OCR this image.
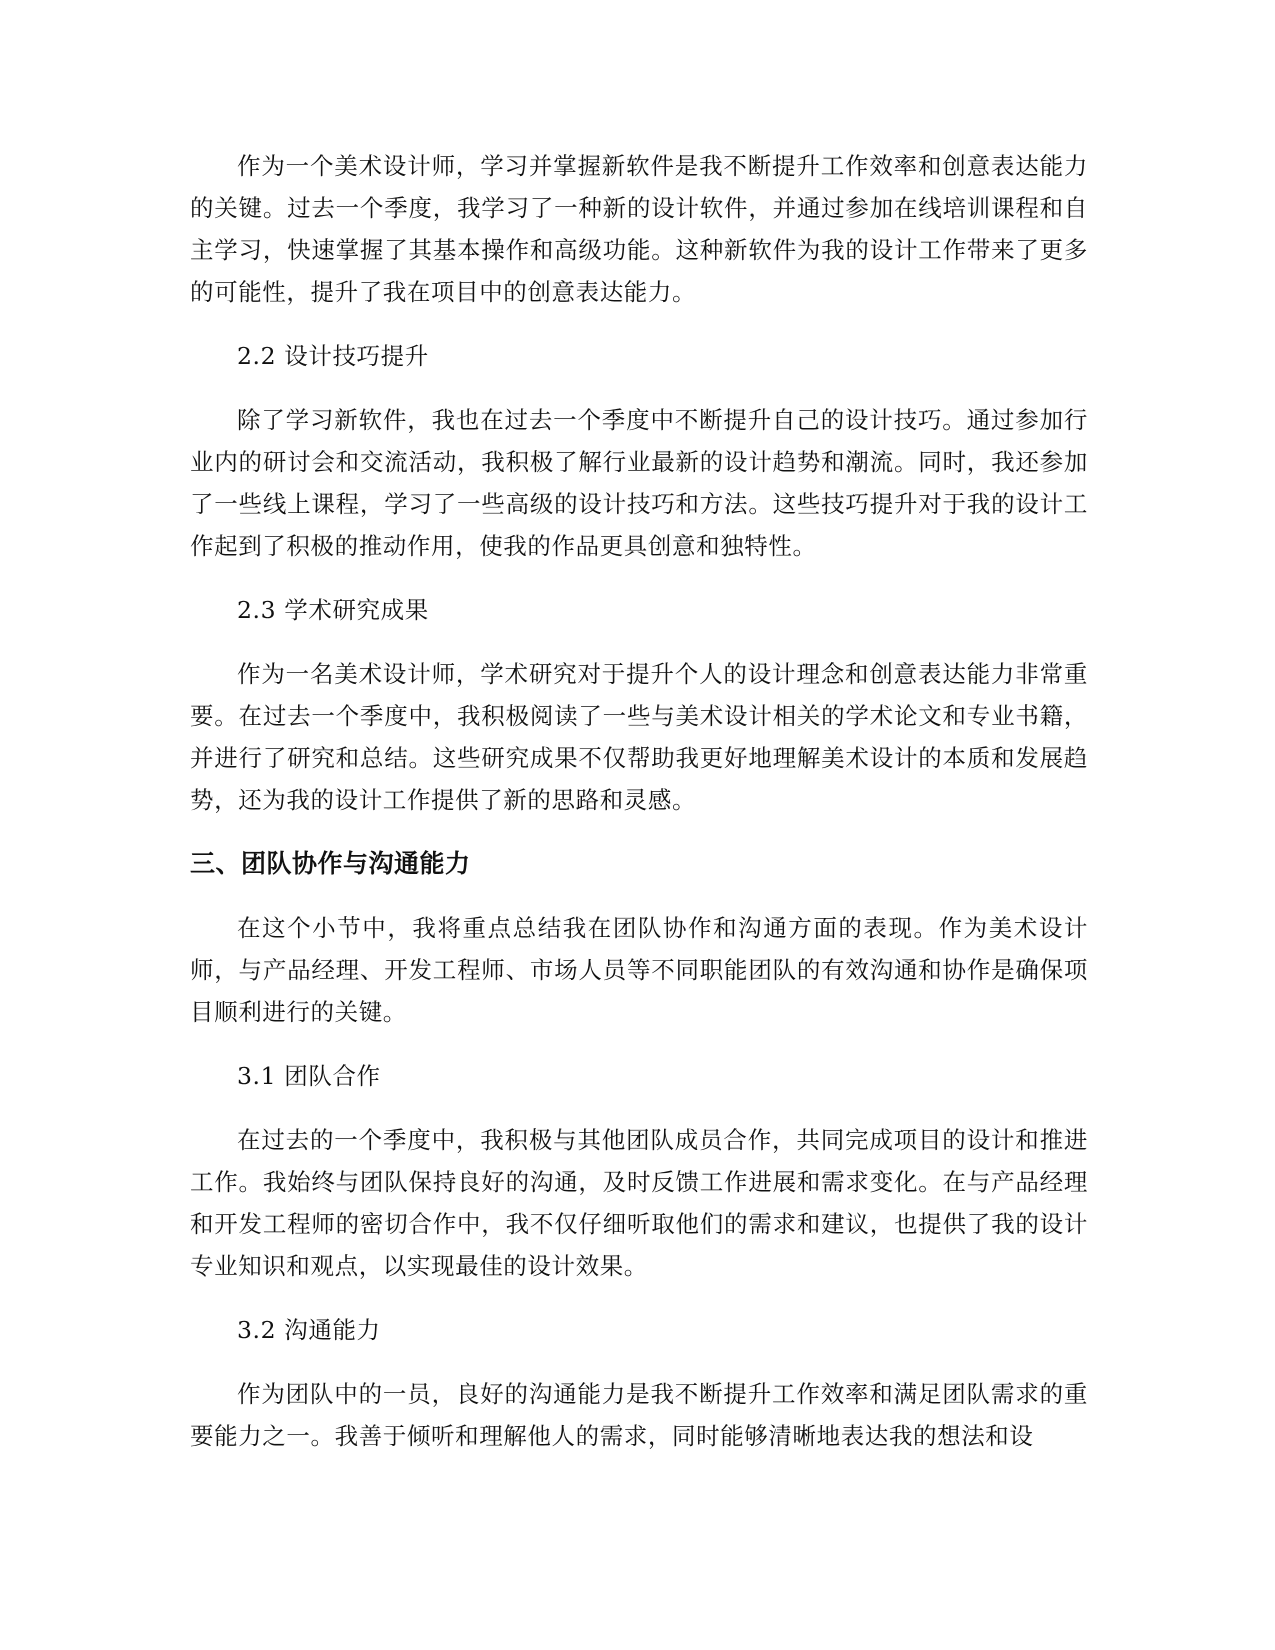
作为一个美术设计师，学习并掌握新软件是我不断提升工作效率和创意表达能力的关键。过去一个季度，我学习了一种新的设计软件，并通过参加在线培训课程和自主学习，快速掌握了其基本操作和高级功能。这种新软件为我的设计工作带来了更多的可能性，提升了我在项目中的创意表达能力。

2.2 设计技巧提升

除了学习新软件，我也在过去一个季度中不断提升自己的设计技巧。通过参加行业内的研讨会和交流活动，我积极了解行业最新的设计趋势和潮流。同时，我还参加了一些线上课程，学习了一些高级的设计技巧和方法。这些技巧提升对于我的设计工作起到了积极的推动作用，使我的作品更具创意和独特性。

2.3 学术研究成果

作为一名美术设计师，学术研究对于提升个人的设计理念和创意表达能力非常重要。在过去一个季度中，我积极阅读了一些与美术设计相关的学术论文和专业书籍，并进行了研究和总结。这些研究成果不仅帮助我更好地理解美术设计的本质和发展趋势，还为我的设计工作提供了新的思路和灵感。

三、团队协作与沟通能力

在这个小节中，我将重点总结我在团队协作和沟通方面的表现。作为美术设计师，与产品经理、开发工程师、市场人员等不同职能团队的有效沟通和协作是确保项目顺利进行的关键。

3.1 团队合作

在过去的一个季度中，我积极与其他团队成员合作，共同完成项目的设计和推进工作。我始终与团队保持良好的沟通，及时反馈工作进展和需求变化。在与产品经理和开发工程师的密切合作中，我不仅仔细听取他们的需求和建议，也提供了我的设计专业知识和观点，以实现最佳的设计效果。

3.2 沟通能力

作为团队中的一员，良好的沟通能力是我不断提升工作效率和满足团队需求的重要能力之一。我善于倾听和理解他人的需求，同时能够清晰地表达我的想法和设
